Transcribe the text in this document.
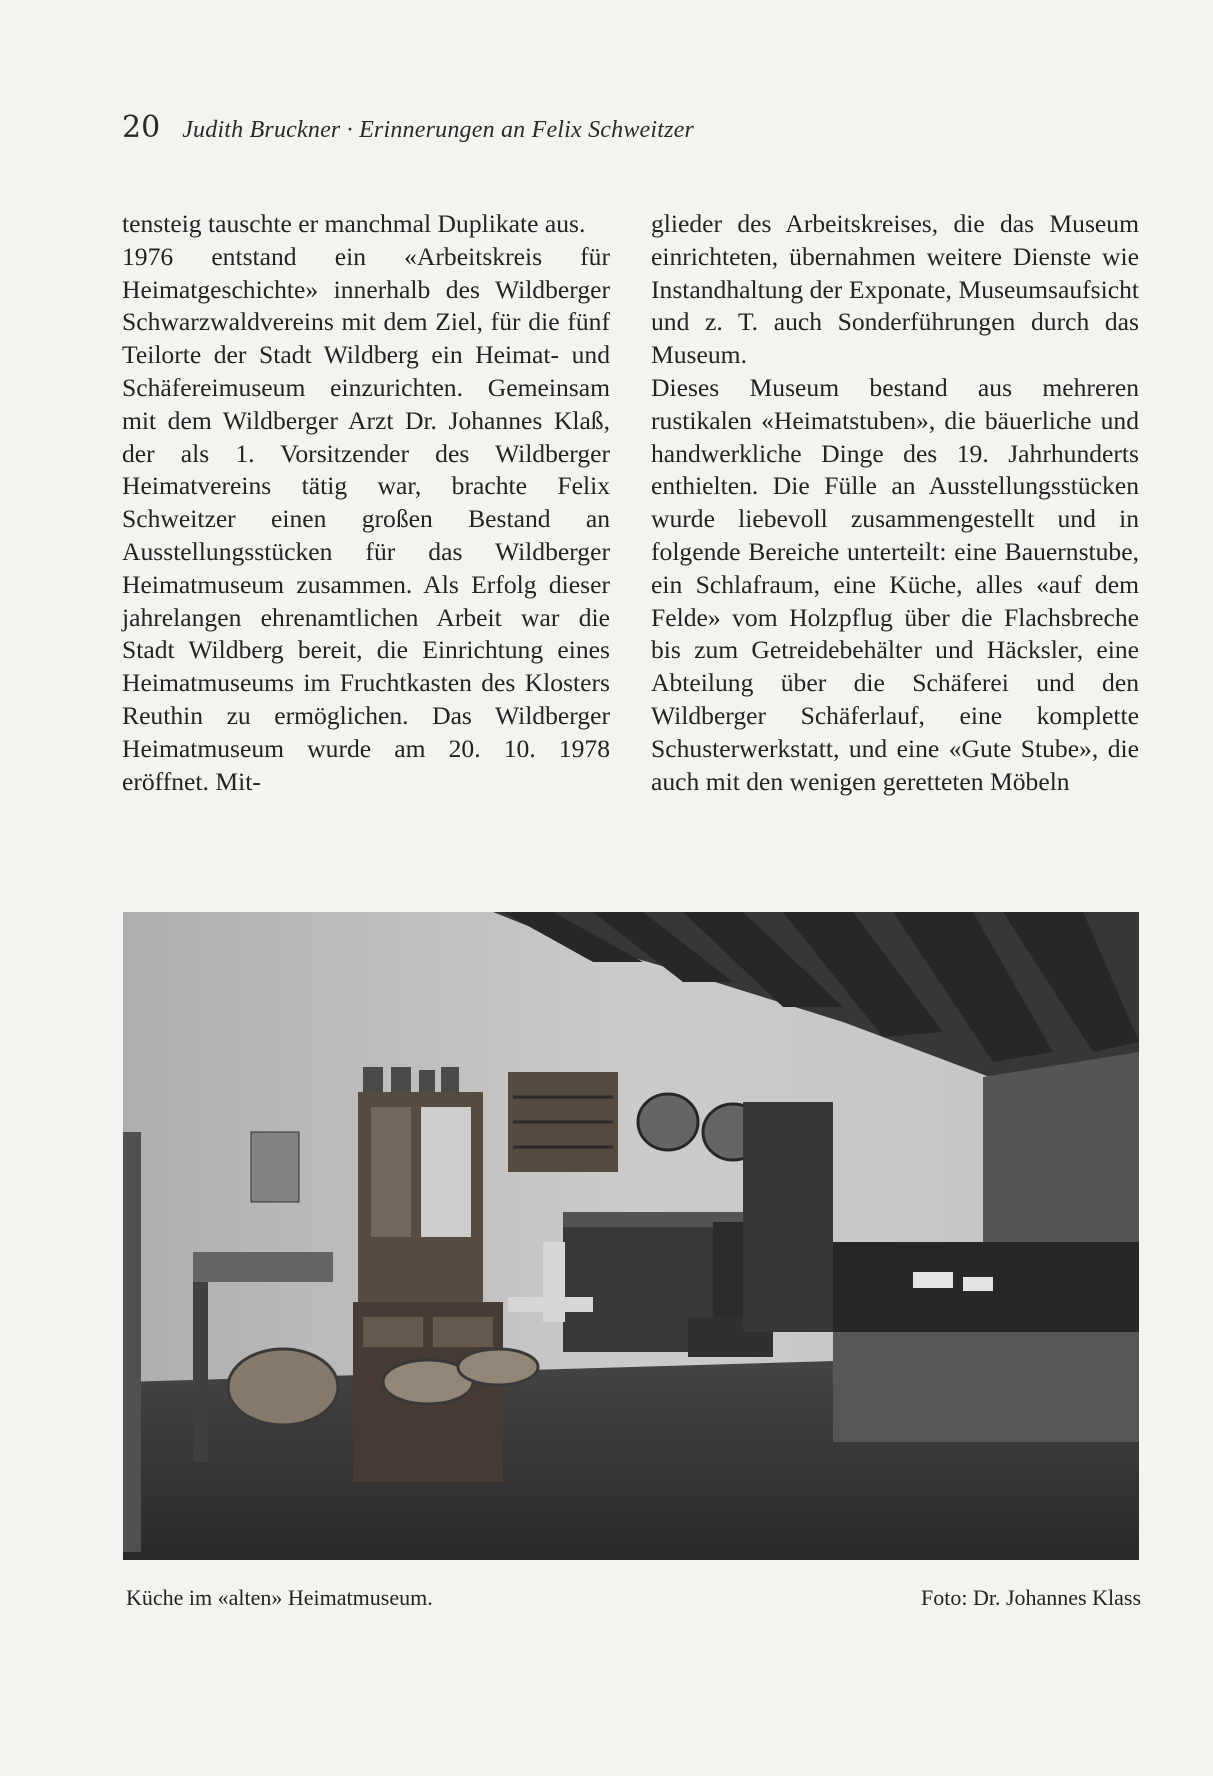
20 Judith Bruckner · Erinnerungen an Felix Schweitzer

tensteig tauschte er manchmal Duplikate aus.

1976 entstand ein «Arbeitskreis für Heimatgeschichte» innerhalb des Wildberger Schwarzwaldvereins mit dem Ziel, für die fünf Teilorte der Stadt Wildberg ein Heimat- und Schäfereimuseum einzurichten. Gemeinsam mit dem Wildberger Arzt Dr. Johannes Klaß, der als 1. Vorsitzender des Wildberger Heimatvereins tätig war, brachte Felix Schweitzer einen großen Bestand an Ausstellungsstücken für das Wildberger Heimatmuseum zusammen. Als Erfolg dieser jahrelangen ehrenamtlichen Arbeit war die Stadt Wildberg bereit, die Einrichtung eines Heimatmuseums im Fruchtkasten des Klosters Reuthin zu ermöglichen. Das Wildberger Heimatmuseum wurde am 20. 10. 1978 eröffnet. Mit-

glieder des Arbeitskreises, die das Museum einrichteten, übernahmen weitere Dienste wie Instandhaltung der Exponate, Museumsaufsicht und z. T. auch Sonderführungen durch das Museum.

Dieses Museum bestand aus mehreren rustikalen «Heimatstuben», die bäuerliche und handwerkliche Dinge des 19. Jahrhunderts enthielten. Die Fülle an Ausstellungsstücken wurde liebevoll zusammengestellt und in folgende Bereiche unterteilt: eine Bauernstube, ein Schlafraum, eine Küche, alles «auf dem Felde» vom Holzpflug über die Flachsbreche bis zum Getreidebehälter und Häcksler, eine Abteilung über die Schäferei und den Wildberger Schäferlauf, eine komplette Schusterwerkstatt, und eine «Gute Stube», die auch mit den wenigen geretteten Möbeln

Küche im «alten» Heimatmuseum.	Foto: Dr. Johannes Klass
